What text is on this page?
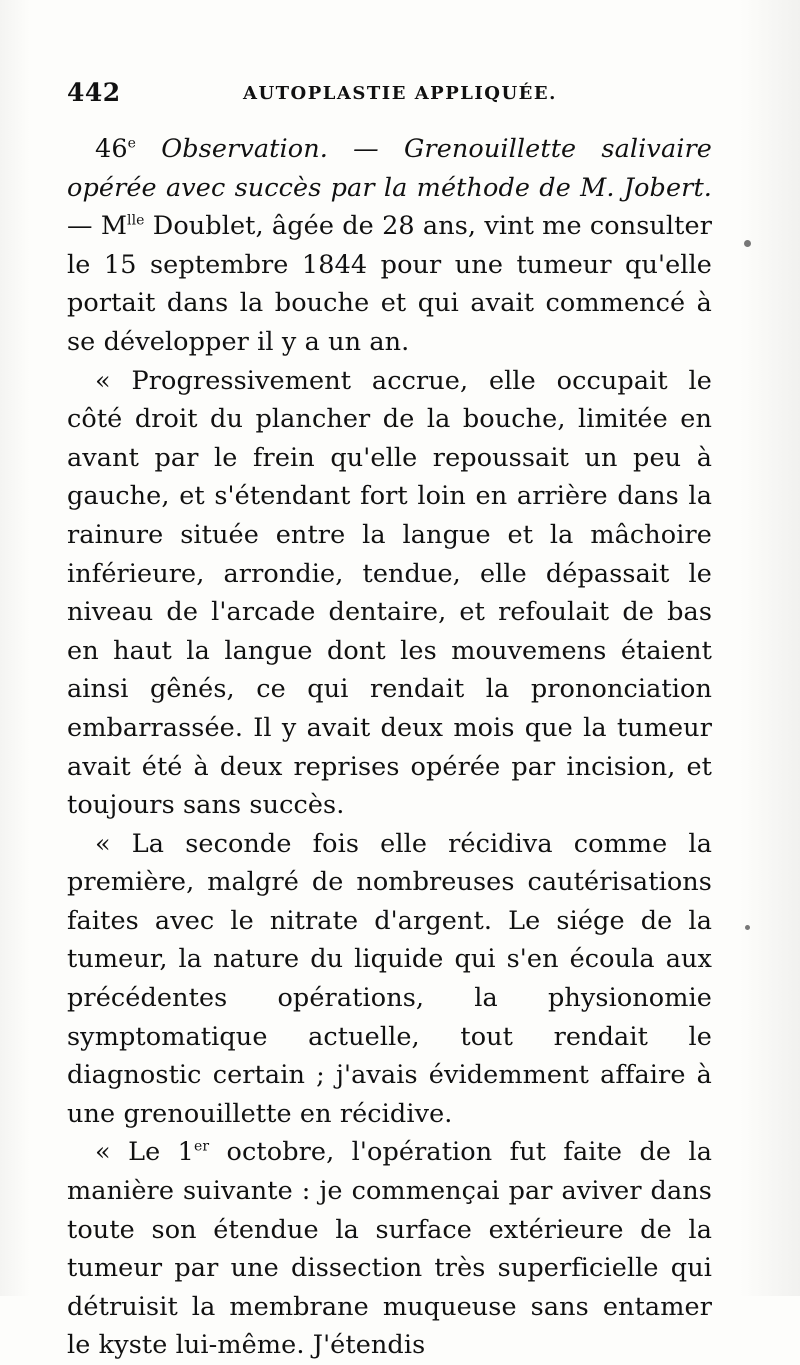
442	AUTOPLASTIE APPLIQUÉE.

46e Observation. — Grenouillette salivaire opérée avec succès par la méthode de M. Jobert. — $M^{lle}$ Doublet, âgée de 28 ans, vint me consulter le 15 septembre 1844 pour une tumeur qu'elle portait dans la bouche et qui avait commencé à se développer il y a un an.

« Progressivement accrue, elle occupait le côté droit du plancher de la bouche, limitée en avant par le frein qu'elle repoussait un peu à gauche, et s'étendant fort loin en arrière dans la rainure située entre la langue et la mâchoire inférieure, arrondie, tendue, elle dépassait le niveau de l'arcade dentaire, et refoulait de bas en haut la langue dont les mouvemens étaient ainsi gênés, ce qui rendait la prononciation embarrassée. Il y avait deux mois que la tumeur avait été à deux reprises opérée par incision, et toujours sans succès.

« La seconde fois elle récidiva comme la première, malgré de nombreuses cautérisations faites avec le nitrate d'argent. Le siége de la tumeur, la nature du liquide qui s'en écoula aux précédentes opérations, la physionomie symptomatique actuelle, tout rendait le diagnostic certain ; j'avais évidemment affaire à une grenouillette en récidive.

« Le 1er octobre, l'opération fut faite de la manière suivante : je commençai par aviver dans toute son étendue la surface extérieure de la tumeur par une dissection très superficielle qui détruisit la membrane muqueuse sans entamer le kyste lui-même. J'étendis
